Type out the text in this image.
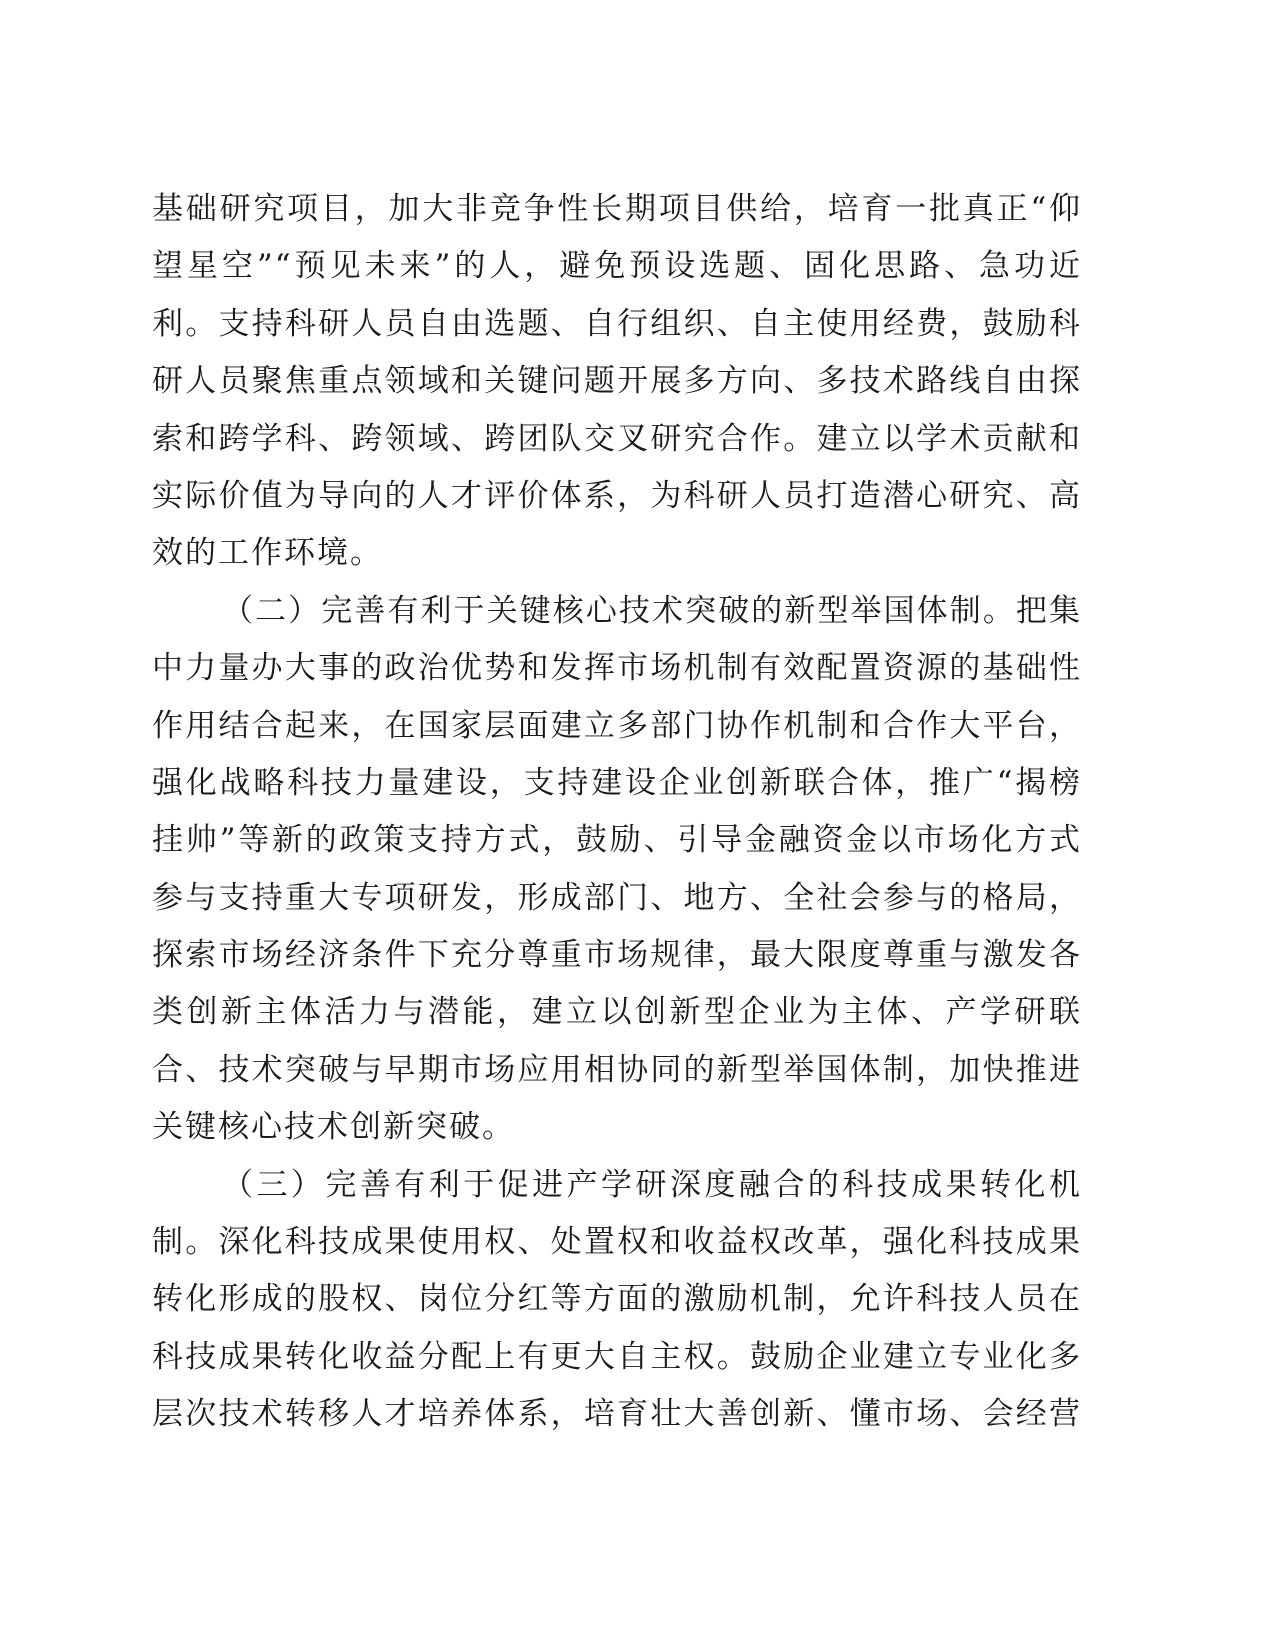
基础研究项目，加大非竞争性长期项目供给，培育一批真正“仰
望星空”“预见未来”的人，避免预设选题、固化思路、急功近
利。支持科研人员自由选题、自行组织、自主使用经费，鼓励科
研人员聚焦重点领域和关键问题开展多方向、多技术路线自由探
索和跨学科、跨领域、跨团队交叉研究合作。建立以学术贡献和
实际价值为导向的人才评价体系，为科研人员打造潜心研究、高
效的工作环境。
（二）完善有利于关键核心技术突破的新型举国体制。把集
中力量办大事的政治优势和发挥市场机制有效配置资源的基础性
作用结合起来，在国家层面建立多部门协作机制和合作大平台，
强化战略科技力量建设，支持建设企业创新联合体，推广“揭榜
挂帅”等新的政策支持方式，鼓励、引导金融资金以市场化方式
参与支持重大专项研发，形成部门、地方、全社会参与的格局，
探索市场经济条件下充分尊重市场规律，最大限度尊重与激发各
类创新主体活力与潜能，建立以创新型企业为主体、产学研联
合、技术突破与早期市场应用相协同的新型举国体制，加快推进
关键核心技术创新突破。
（三）完善有利于促进产学研深度融合的科技成果转化机
制。深化科技成果使用权、处置权和收益权改革，强化科技成果
转化形成的股权、岗位分红等方面的激励机制，允许科技人员在
科技成果转化收益分配上有更大自主权。鼓励企业建立专业化多
层次技术转移人才培养体系，培育壮大善创新、懂市场、会经营
